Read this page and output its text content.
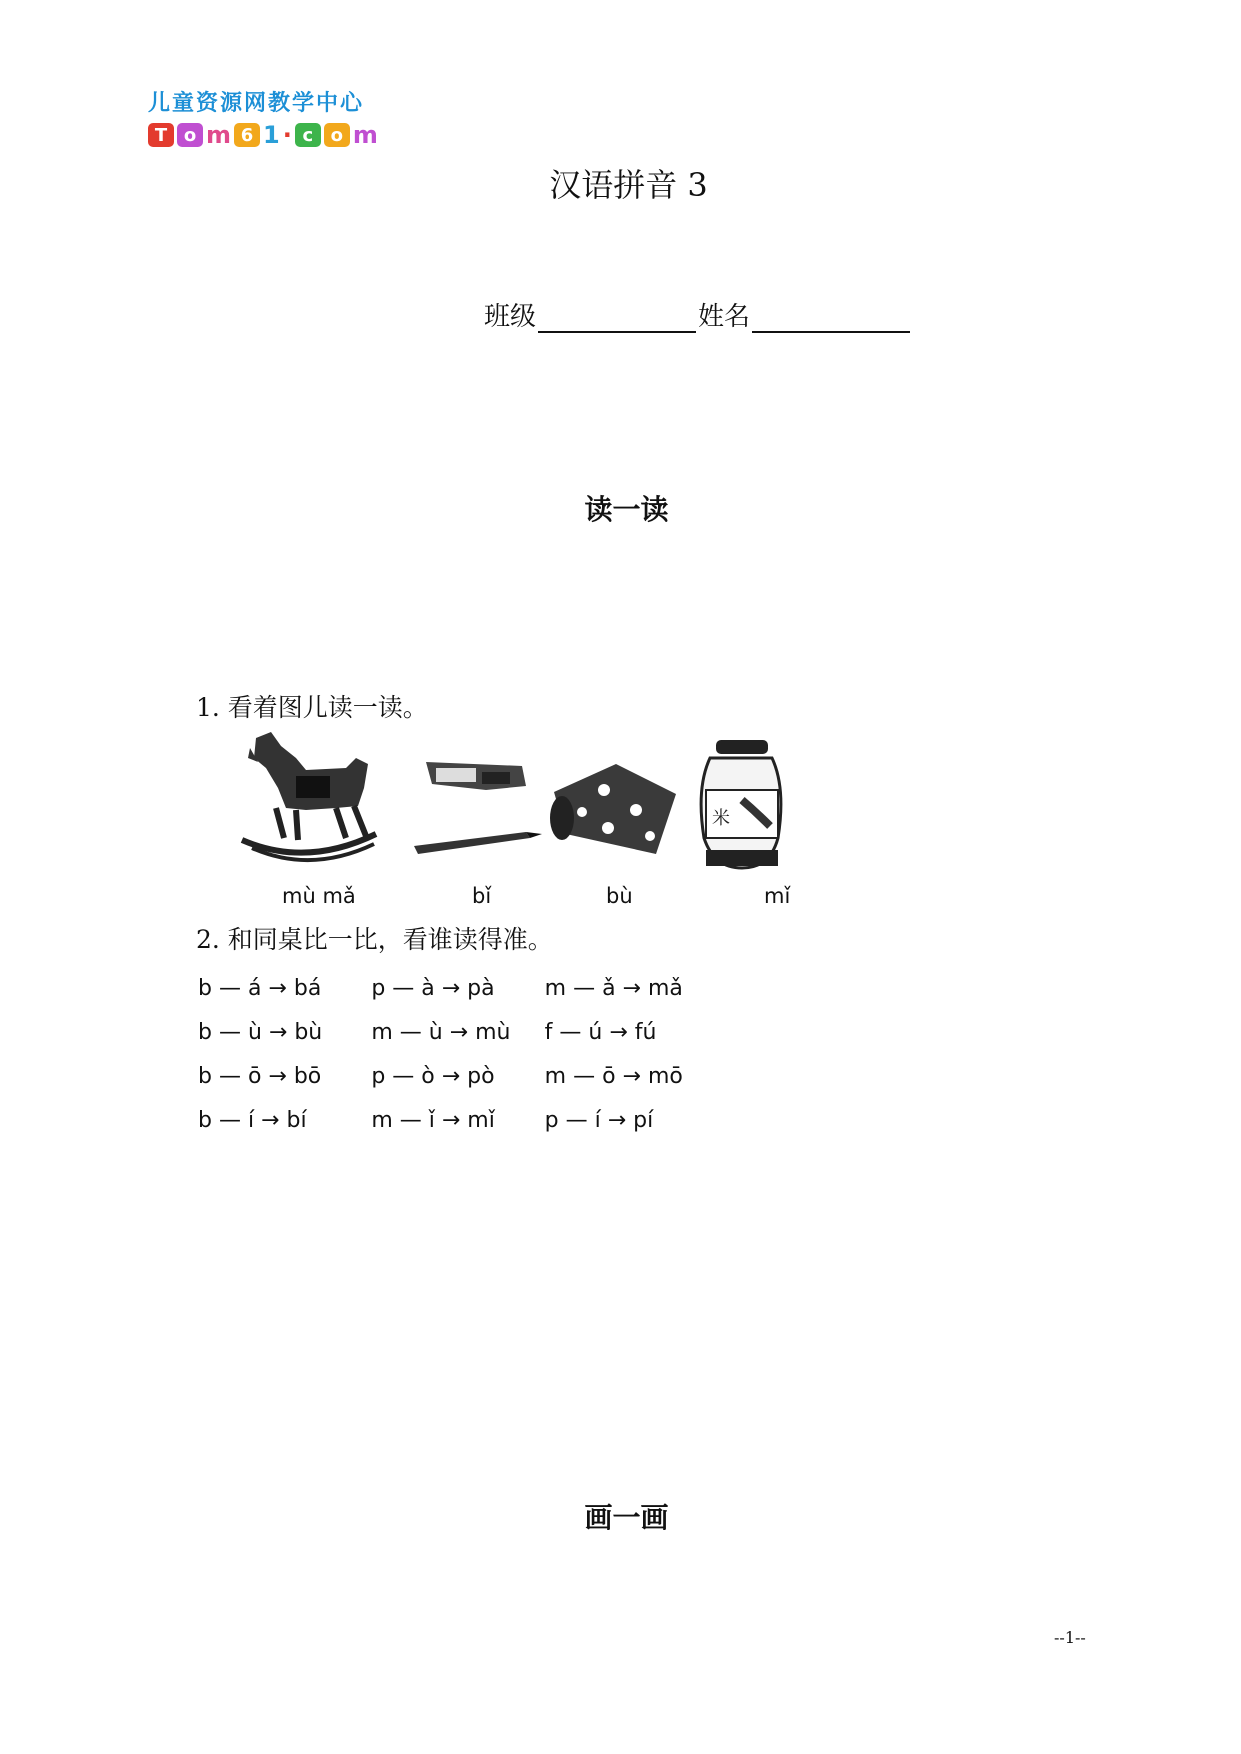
儿童资源网教学中心
T o m 6 1 · c o m
汉语拼音 3
班级	姓名
读一读
1. 看着图儿读一读。
米
mù mǎ	bǐ	bù	mǐ
2. 和同桌比一比，看谁读得准。
b — á → bá	p — à → pà	m — ǎ → mǎ
b — ù → bù	m — ù → mù	f — ú → fú
b — ō → bō	p — ò → pò	m — ō → mō
b — í → bí	m — ǐ → mǐ	p — í → pí
画一画
--1--
